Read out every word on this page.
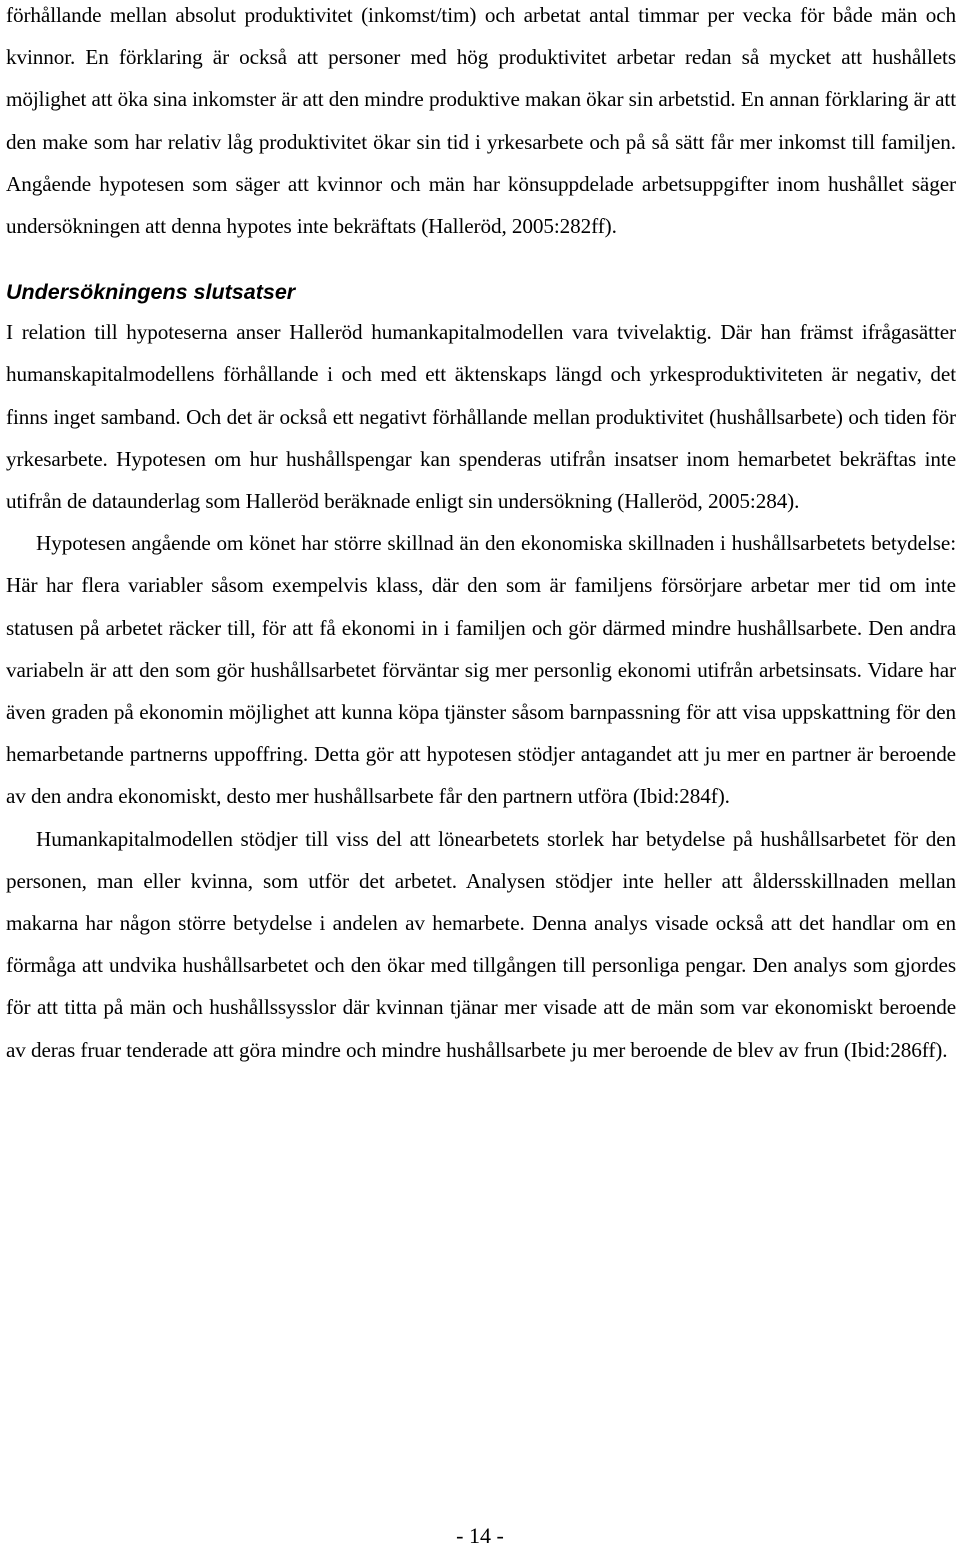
förhållande mellan absolut produktivitet (inkomst/tim) och arbetat antal timmar per vecka för både män och kvinnor. En förklaring är också att personer med hög produktivitet arbetar redan så mycket att hushållets möjlighet att öka sina inkomster är att den mindre produktive makan ökar sin arbetstid. En annan förklaring är att den make som har relativ låg produktivitet ökar sin tid i yrkesarbete och på så sätt får mer inkomst till familjen. Angående hypotesen som säger att kvinnor och män har könsuppdelade arbetsuppgifter inom hushållet säger undersökningen att denna hypotes inte bekräftats (Halleröd, 2005:282ff).

Undersökningens slutsatser

I relation till hypoteserna anser Halleröd humankapitalmodellen vara tvivelaktig. Där han främst ifrågasätter humanskapitalmodellens förhållande i och med ett äktenskaps längd och yrkesproduktiviteten är negativ, det finns inget samband. Och det är också ett negativt förhållande mellan produktivitet (hushållsarbete) och tiden för yrkesarbete. Hypotesen om hur hushållspengar kan spenderas utifrån insatser inom hemarbetet bekräftas inte utifrån de dataunderlag som Halleröd beräknade enligt sin undersökning (Halleröd, 2005:284).

Hypotesen angående om könet har större skillnad än den ekonomiska skillnaden i hushållsarbetets betydelse: Här har flera variabler såsom exempelvis klass, där den som är familjens försörjare arbetar mer tid om inte statusen på arbetet räcker till, för att få ekonomi in i familjen och gör därmed mindre hushållsarbete. Den andra variabeln är att den som gör hushållsarbetet förväntar sig mer personlig ekonomi utifrån arbetsinsats. Vidare har även graden på ekonomin möjlighet att kunna köpa tjänster såsom barnpassning för att visa uppskattning för den hemarbetande partnerns uppoffring. Detta gör att hypotesen stödjer antagandet att ju mer en partner är beroende av den andra ekonomiskt, desto mer hushållsarbete får den partnern utföra (Ibid:284f).

Humankapitalmodellen stödjer till viss del att lönearbetets storlek har betydelse på hushållsarbetet för den personen, man eller kvinna, som utför det arbetet. Analysen stödjer inte heller att åldersskillnaden mellan makarna har någon större betydelse i andelen av hemarbete. Denna analys visade också att det handlar om en förmåga att undvika hushållsarbetet och den ökar med tillgången till personliga pengar. Den analys som gjordes för att titta på män och hushållssysslor där kvinnan tjänar mer visade att de män som var ekonomiskt beroende av deras fruar tenderade att göra mindre och mindre hushållsarbete ju mer beroende de blev av frun (Ibid:286ff).

- 14 -
